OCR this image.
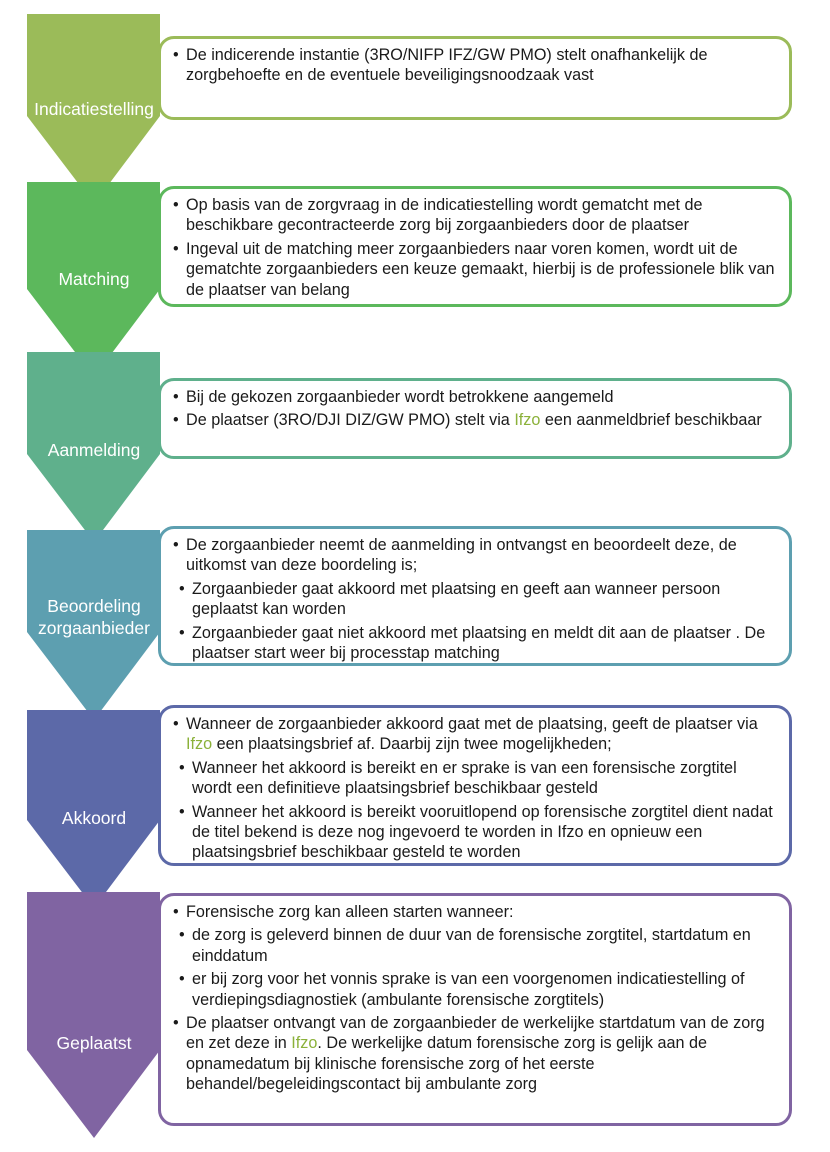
Indicatiestelling
• De indicerende instantie (3RO/NIFP IFZ/GW PMO) stelt onafhankelijk de zorgbehoefte en de eventuele beveiligingsnoodzaak vast
Matching
• Op basis van de zorgvraag in de indicatiestelling wordt gematcht met de beschikbare gecontracteerde zorg bij zorgaanbieders door de plaatser
• Ingeval uit de matching meer zorgaanbieders naar voren komen, wordt uit de gematchte zorgaanbieders een keuze gemaakt, hierbij is de professionele blik van de plaatser van belang
Aanmelding
• Bij de gekozen zorgaanbieder wordt betrokkene aangemeld
• De plaatser (3RO/DJI DIZ/GW PMO) stelt via Ifzo een aanmeldbrief beschikbaar
Beoordeling
zorgaanbieder
• De zorgaanbieder neemt de aanmelding in ontvangst en beoordeelt deze, de uitkomst van deze boordeling is;
• Zorgaanbieder gaat akkoord met plaatsing en geeft aan wanneer persoon geplaatst kan worden
• Zorgaanbieder gaat niet akkoord met plaatsing en meldt dit aan de plaatser . De plaatser start weer bij processtap matching
Akkoord
• Wanneer de zorgaanbieder akkoord gaat met de plaatsing, geeft de plaatser via Ifzo een plaatsingsbrief af. Daarbij zijn twee mogelijkheden;
• Wanneer het akkoord is bereikt en er sprake is van een forensische zorgtitel wordt een definitieve plaatsingsbrief beschikbaar gesteld
• Wanneer het akkoord is bereikt vooruitlopend op forensische zorgtitel dient nadat de titel bekend is deze nog ingevoerd te worden in Ifzo en opnieuw een plaatsingsbrief beschikbaar gesteld te worden
Geplaatst
• Forensische zorg kan alleen starten wanneer:
• de zorg is geleverd binnen de duur van de forensische zorgtitel, startdatum en einddatum
• er bij zorg voor het vonnis sprake is van een voorgenomen indicatiestelling of verdiepingsdiagnostiek (ambulante forensische zorgtitels)
• De plaatser ontvangt van de zorgaanbieder de werkelijke startdatum van de zorg en zet deze in Ifzo. De werkelijke datum forensische zorg is gelijk aan de opnamedatum bij klinische forensische zorg of het eerste behandel/begeleidingscontact bij ambulante zorg
